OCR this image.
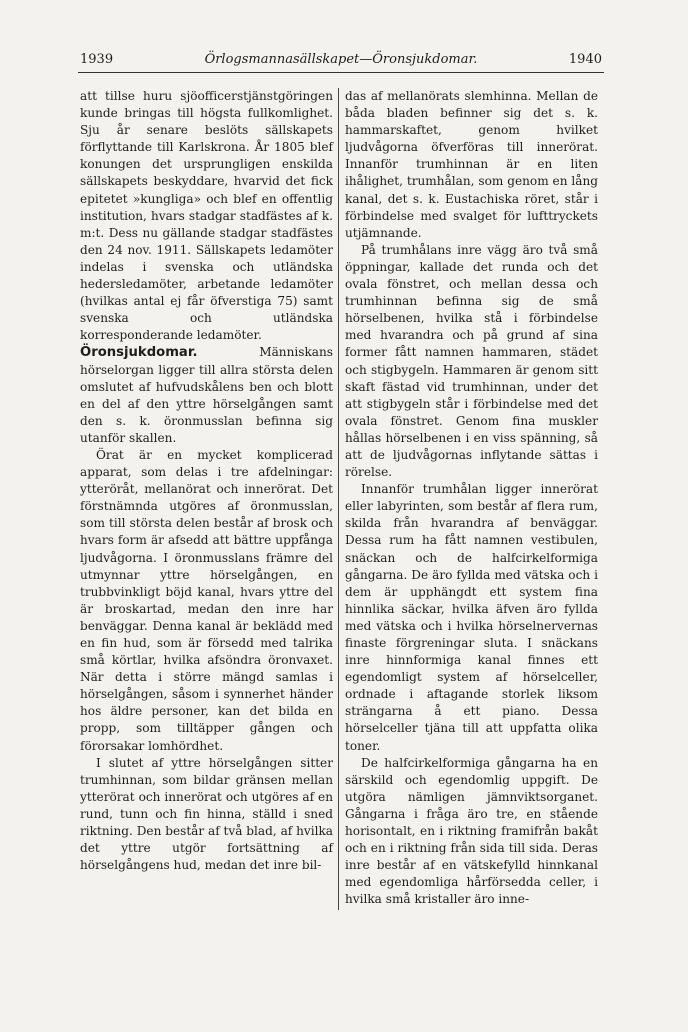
1939	Örlogsmannasällskapet—Öronsjukdomar.	1940

att tillse huru sjöofficerstjänstgöringen kunde bringas till högsta fullkomlighet. Sju år senare beslöts sällskapets förflyttande till Karlskrona. År 1805 blef konungen det ursprungligen enskilda sällskapets beskyddare, hvarvid det fick epitetet »kungliga» och blef en offentlig institution, hvars stadgar stadfästes af k. m:t. Dess nu gällande stadgar stadfästes den 24 nov. 1911. Sällskapets ledamöter indelas i svenska och utländska hedersledamöter, arbetande ledamöter (hvilkas antal ej får öfverstiga 75) samt svenska och utländska korresponderande ledamöter.

Öronsjukdomar.	Människans hörselorgan ligger till allra största delen omslutet af hufvudskålens ben och blott en del af den yttre hörselgången samt den s. k. öronmusslan befinna sig utanför skallen.

Örat är en mycket komplicerad apparat, som delas i tre afdelningar: ytteröråt, mellanörat och innerörat. Det förstnämnda utgöres af öronmusslan, som till största delen består af brosk och hvars form är afsedd att bättre uppfånga ljudvågorna. I öronmusslans främre del utmynnar yttre hörselgången, en trubbvinkligt böjd kanal, hvars yttre del är broskartad, medan den inre har benväggar. Denna kanal är beklädd med en fin hud, som är försedd med talrika små körtlar, hvilka afsöndra öronvaxet. När detta i större mängd samlas i hörselgången, såsom i synnerhet händer hos äldre personer, kan det bilda en propp, som tilltäpper gången och förorsakar lomhördhet.

I slutet af yttre hörselgången sitter trumhinnan, som bildar gränsen mellan ytterörat och innerörat och utgöres af en rund, tunn och fin hinna, ställd i sned riktning. Den består af två blad, af hvilka det yttre utgör fortsättning af hörselgångens hud, medan det inre bil-

das af mellanörats slemhinna. Mellan de båda bladen befinner sig det s. k. hammarskaftet, genom hvilket ljudvågorna öfverföras till innerörat. Innanför trumhinnan är en liten ihålighet, trumhålan, som genom en lång kanal, det s. k. Eustachiska röret, står i förbindelse med svalget för lufttryckets utjämnande.

På trumhålans inre vägg äro två små öppningar, kallade det runda och det ovala fönstret, och mellan dessa och trumhinnan befinna sig de små hörselbenen, hvilka stå i förbindelse med hvarandra och på grund af sina former fått namnen hammaren, städet och stigbygeln. Hammaren är genom sitt skaft fästad vid trumhinnan, under det att stigbygeln står i förbindelse med det ovala fönstret. Genom fina muskler hållas hörselbenen i en viss spänning, så att de ljudvågornas inflytande sättas i rörelse.

Innanför trumhålan ligger innerörat eller labyrinten, som består af flera rum, skilda från hvarandra af benväggar. Dessa rum ha fått namnen vestibulen, snäckan och de halfcirkelformiga gångarna. De äro fyllda med vätska och i dem är upphängdt ett system fina hinnlika säckar, hvilka äfven äro fyllda med vätska och i hvilka hörselnervernas finaste förgreningar sluta. I snäckans inre hinnformiga kanal finnes ett egendomligt system af hörselceller, ordnade i aftagande storlek liksom strängarna å ett piano. Dessa hörselceller tjäna till att uppfatta olika toner.

De halfcirkelformiga gångarna ha en särskild och egendomlig uppgift. De utgöra nämligen jämnviktsorganet. Gångarna i fråga äro tre, en stående horisontalt, en i riktning framifrån bakåt och en i riktning från sida till sida. Deras inre består af en vätskefylld hinnkanal med egendomliga hårförsedda celler, i hvilka små kristaller äro inne-
